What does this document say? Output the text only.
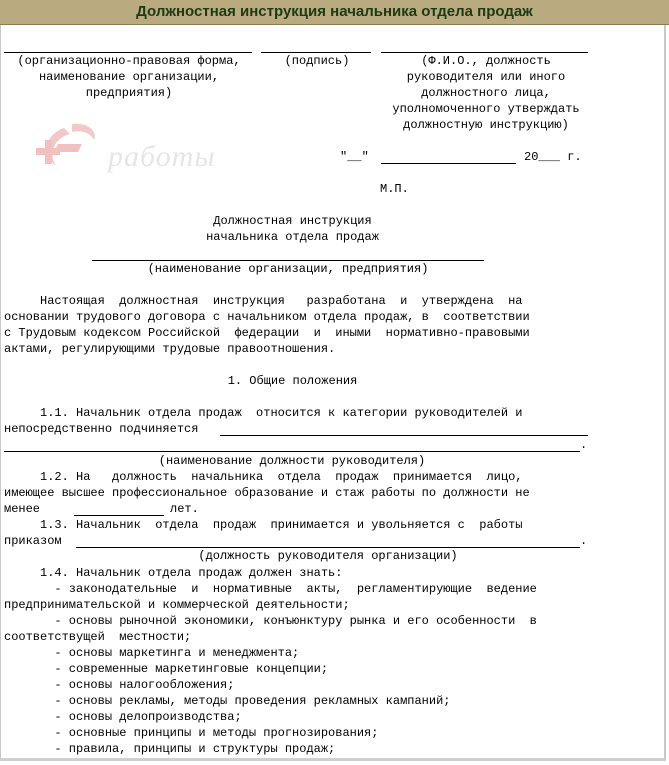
Должностная инструкция начальника отдела продаж
(организационно-правовая форма,
наименование организации,
предприятия)
(подпись)	(Ф.И.О., должность
руководителя или иного
должностного лица,
уполномоченного утверждать
должностную инструкцию)
работы	"__"	20___ г.
М.П.
Должностная инструкция
начальника отдела продаж
(наименование организации, предприятия)
Настоящая  должностная  инструкция   разработана  и  утверждена  на
основании трудового договора с начальником отдела продаж, в  соответствии
с Трудовым кодексом Российской  федерации  и  иными  нормативно-правовыми
актами, регулирующими трудовые правоотношения.
1. Общие положения
1.1. Начальник отдела продаж  относится к категории руководителей и
непосредственно подчиняется
.
(наименование должности руководителя)
1.2. На   должность  начальника  отдела  продаж  принимается  лицо,
имеющее высшее профессиональное образование и стаж работы по должности не
менее	лет.
1.3. Начальник  отдела  продаж  принимается и увольняется с  работы
приказом	.
(должность руководителя организации)
1.4. Начальник отдела продаж должен знать:
- законодательные  и  нормативные  акты,  регламентирующие  ведение
предпринимательской и коммерческой деятельности;
- основы рыночной экономики, конъюнктуру рынка и его особенности  в
соответствущей  местности;
- основы маркетинга и менеджмента;
- современные маркетинговые концепции;
- основы налогообложения;
- основы рекламы, методы проведения рекламных кампаний;
- основы делопроизводства;
- основные принципы и методы прогнозирования;
- правила, принципы и структуры продаж;
